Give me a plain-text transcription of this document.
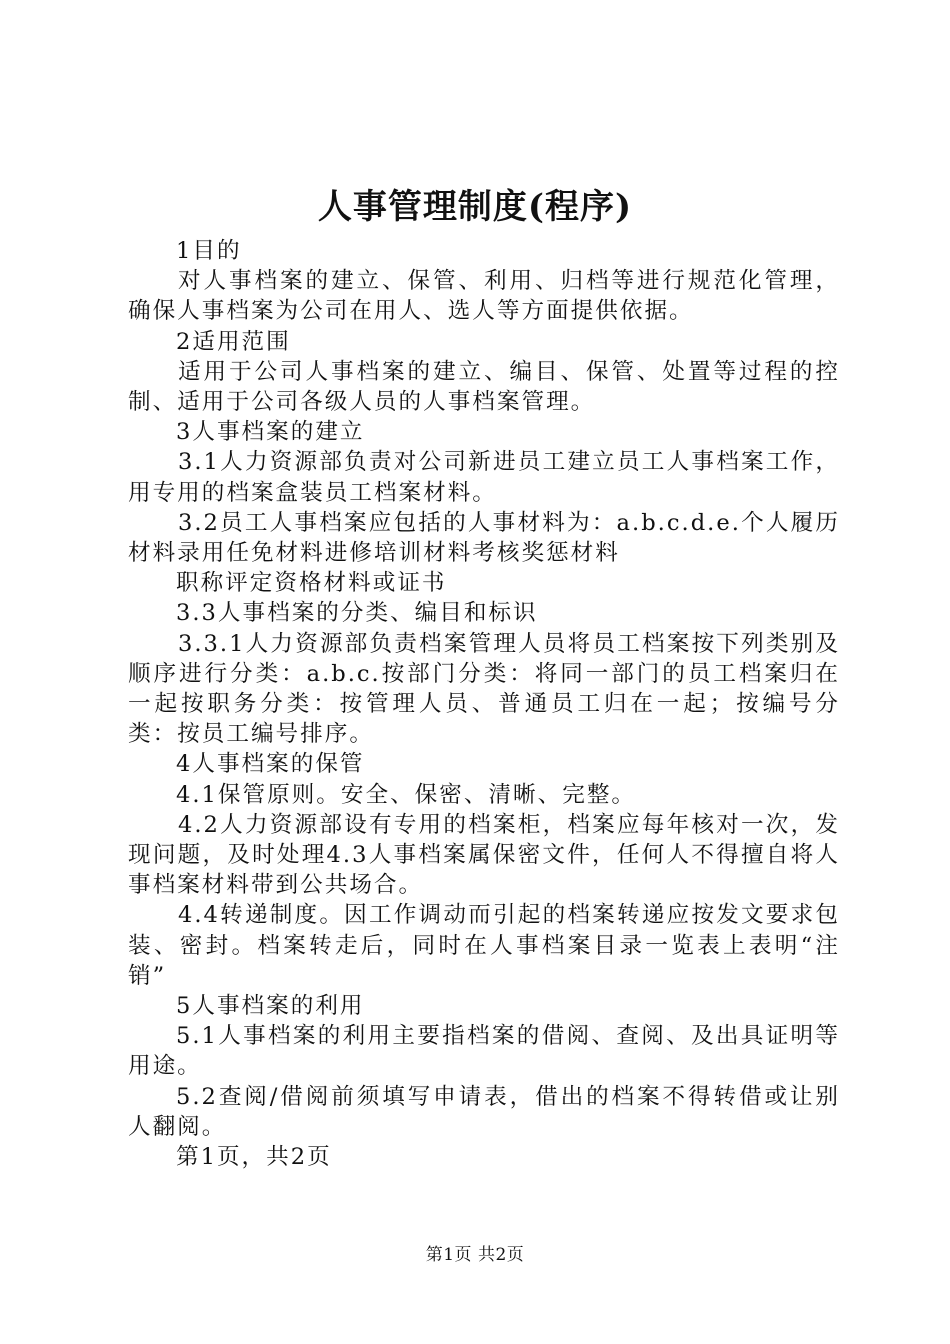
人事管理制度(程序)

1目的

对人事档案的建立、保管、利用、归档等进行规范化管理，确保人事档案为公司在用人、选人等方面提供依据。

2适用范围

适用于公司人事档案的建立、编目、保管、处置等过程的控制、适用于公司各级人员的人事档案管理。

3人事档案的建立

3.1人力资源部负责对公司新进员工建立员工人事档案工作，用专用的档案盒装员工档案材料。

3.2员工人事档案应包括的人事材料为：a.b.c.d.e.个人履历材料录用任免材料进修培训材料考核奖惩材料

职称评定资格材料或证书

3.3人事档案的分类、编目和标识

3.3.1人力资源部负责档案管理人员将员工档案按下列类别及顺序进行分类：a.b.c.按部门分类：将同一部门的员工档案归在一起按职务分类：按管理人员、普通员工归在一起；按编号分类：按员工编号排序。

4人事档案的保管

4.1保管原则。安全、保密、清晰、完整。

4.2人力资源部设有专用的档案柜，档案应每年核对一次，发现问题，及时处理4.3人事档案属保密文件，任何人不得擅自将人事档案材料带到公共场合。

4.4转递制度。因工作调动而引起的档案转递应按发文要求包装、密封。档案转走后，同时在人事档案目录一览表上表明“注销”

5人事档案的利用

5.1人事档案的利用主要指档案的借阅、查阅、及出具证明等用途。

5.2查阅/借阅前须填写申请表，借出的档案不得转借或让别人翻阅。

第1页，共2页

第1页 共2页
